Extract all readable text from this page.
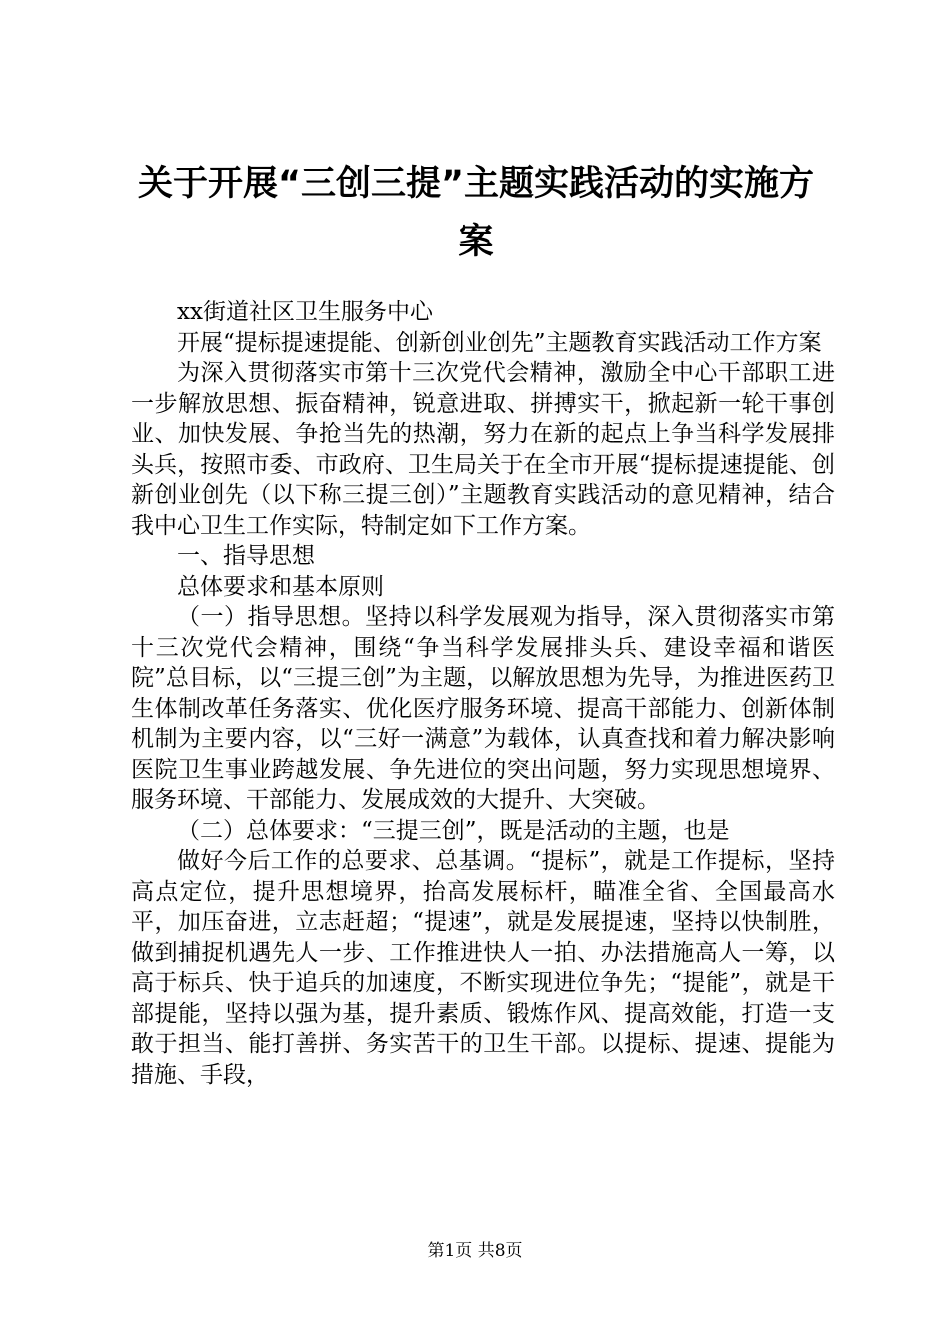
关于开展“三创三提”主题实践活动的实施方
案

xx街道社区卫生服务中心

开展“提标提速提能、创新创业创先”主题教育实践活动工作方案

为深入贯彻落实市第十三次党代会精神，激励全中心干部职工进一步解放思想、振奋精神，锐意进取、拼搏实干，掀起新一轮干事创业、加快发展、争抢当先的热潮，努力在新的起点上争当科学发展排头兵，按照市委、市政府、卫生局关于在全市开展“提标提速提能、创新创业创先（以下称三提三创）”主题教育实践活动的意见精神，结合我中心卫生工作实际，特制定如下工作方案。

一、指导思想

总体要求和基本原则

（一）指导思想。坚持以科学发展观为指导，深入贯彻落实市第十三次党代会精神，围绕“争当科学发展排头兵、建设幸福和谐医院”总目标，以“三提三创”为主题，以解放思想为先导，为推进医药卫生体制改革任务落实、优化医疗服务环境、提高干部能力、创新体制机制为主要内容，以“三好一满意”为载体，认真查找和着力解决影响医院卫生事业跨越发展、争先进位的突出问题，努力实现思想境界、服务环境、干部能力、发展成效的大提升、大突破。

（二）总体要求：“三提三创”，既是活动的主题，也是

做好今后工作的总要求、总基调。“提标”，就是工作提标，坚持高点定位，提升思想境界，抬高发展标杆，瞄准全省、全国最高水平，加压奋进，立志赶超；“提速”，就是发展提速，坚持以快制胜，做到捕捉机遇先人一步、工作推进快人一拍、办法措施高人一筹，以高于标兵、快于追兵的加速度，不断实现进位争先；“提能”，就是干部提能，坚持以强为基，提升素质、锻炼作风、提高效能，打造一支敢于担当、能打善拼、务实苦干的卫生干部。以提标、提速、提能为措施、手段，

第1页 共8页
